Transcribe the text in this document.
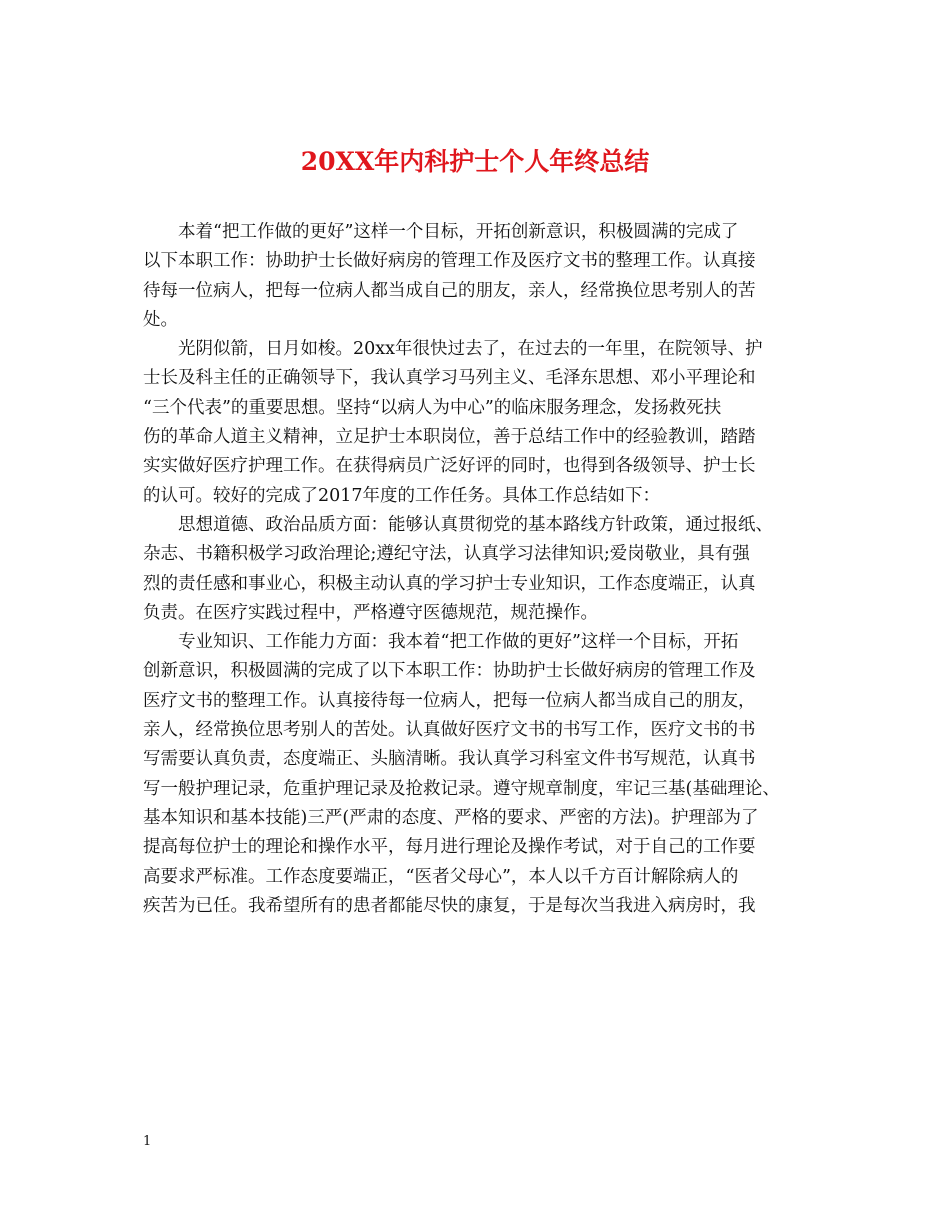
20XX年内科护士个人年终总结
本着“把工作做的更好”这样一个目标，开拓创新意识，积极圆满的完成了
以下本职工作：协助护士长做好病房的管理工作及医疗文书的整理工作。认真接
待每一位病人，把每一位病人都当成自己的朋友，亲人，经常换位思考别人的苦
处。
光阴似箭，日月如梭。20xx年很快过去了，在过去的一年里，在院领导、护
士长及科主任的正确领导下，我认真学习马列主义、毛泽东思想、邓小平理论和
“三个代表”的重要思想。坚持“以病人为中心”的临床服务理念，发扬救死扶
伤的革命人道主义精神，立足护士本职岗位，善于总结工作中的经验教训，踏踏
实实做好医疗护理工作。在获得病员广泛好评的同时，也得到各级领导、护士长
的认可。较好的完成了2017年度的工作任务。具体工作总结如下：
思想道德、政治品质方面：能够认真贯彻党的基本路线方针政策，通过报纸、
杂志、书籍积极学习政治理论;遵纪守法，认真学习法律知识;爱岗敬业，具有强
烈的责任感和事业心，积极主动认真的学习护士专业知识，工作态度端正，认真
负责。在医疗实践过程中，严格遵守医德规范，规范操作。
专业知识、工作能力方面：我本着“把工作做的更好”这样一个目标，开拓
创新意识，积极圆满的完成了以下本职工作：协助护士长做好病房的管理工作及
医疗文书的整理工作。认真接待每一位病人，把每一位病人都当成自己的朋友，
亲人，经常换位思考别人的苦处。认真做好医疗文书的书写工作，医疗文书的书
写需要认真负责，态度端正、头脑清晰。我认真学习科室文件书写规范，认真书
写一般护理记录，危重护理记录及抢救记录。遵守规章制度，牢记三基(基础理论、
基本知识和基本技能)三严(严肃的态度、严格的要求、严密的方法)。护理部为了
提高每位护士的理论和操作水平，每月进行理论及操作考试，对于自己的工作要
高要求严标准。工作态度要端正，“医者父母心”，本人以千方百计解除病人的
疾苦为已任。我希望所有的患者都能尽快的康复，于是每次当我进入病房时，我
1
